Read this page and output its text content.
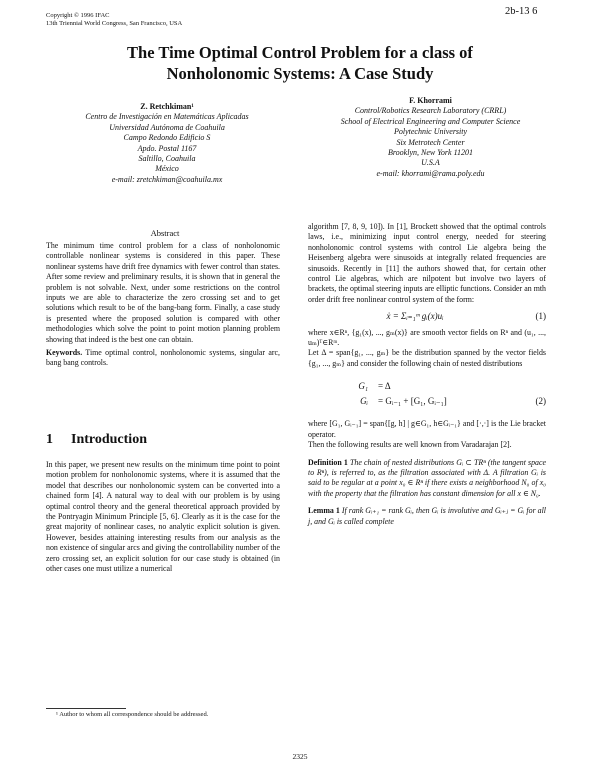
Copyright © 1996 IFAC
13th Triennial World Congress, San Francisco, USA
2b-13 6
The Time Optimal Control Problem for a class of
Nonholonomic Systems: A Case Study
Z. Retchkiman¹
Centro de Investigación en Matemáticas Aplicadas
Universidad Autónoma de Coahuila
Campo Redondo Edificio S
Apdo. Postal 1167
Saltillo, Coahuila
México
e-mail: zretchkiman@coahuila.mx
F. Khorrami
Control/Robotics Research Laboratory (CRRL)
School of Electrical Engineering and Computer Science
Polytechnic University
Six Metrotech Center
Brooklyn, New York 11201
U.S.A
e-mail: khorrami@rama.poly.edu
Abstract

The minimum time control problem for a class of nonholonomic controllable nonlinear systems is considered in this paper. These nonlinear systems have drift free dynamics with fewer control than states. After some review and preliminary results, it is shown that in general the problem is not solvable. Next, under some restrictions on the control inputs we are able to characterize the zero crossing set and to get solutions which result to be of the bang-bang form. Finally, a case study is presented where the proposed solution is compared with other methodologies which solve the point to point motion planning problem showing that indeed is the best one can obtain.

Keywords. Time optimal control, nonholonomic systems, singular arc, bang bang controls.

1 Introduction

In this paper, we present new results on the minimum time point to point motion problem for nonholonomic systems, where it is assumed that the model that describes our nonholonomic system can be converted into a chained form [4]. A natural way to deal with our problem is by using optimal control theory and the general theoretical approach provided by the Pontryagin Minimum Principle [5, 6]. Clearly as it is the case for the great majority of nonlinear cases, no analytic explicit solution is given. However, besides attaining interesting results from our analysis as the non existence of singular arcs and giving the controllability number of the zero crossing set, an explicit solution for our case study is obtained (in other cases one must utilize a numerical

¹ Author to whom all correspondence should be addressed.

algorithm [7, 8, 9, 10]). In [1], Brockett showed that the optimal controls laws, i.e., minimizing input control energy, needed for steering nonholonomic control systems with control Lie algebra being the Heisenberg algebra were sinusoids at integrally related frequencies are sinusoids. Recently in [11] the authors showed that, for certain other control Lie algebras, which are nilpotent but involve two layers of brackets, the optimal steering inputs are elliptic functions. Consider an mth order drift free nonlinear control system of the form:

ẋ = Σᵢ₌₁ᵐ gᵢ(x)uᵢ	(1)

where x∈Rⁿ, {g₁(x), ..., gₘ(x)} are smooth vector fields on Rⁿ and (u₁, ..., uₘ)ᵀ∈Rᵐ.

Let Δ = span{g₁, ..., gₘ} be the distribution spanned by the vector fields {g₁, ..., gₘ} and consider the following chain of nested distributions

G₁	= Δ
Gᵢ	= Gᵢ₋₁ + [G₁, Gᵢ₋₁]	(2)

where [G₁, Gᵢ₋₁] = span{[g, h] | g∈G₁, h∈Gᵢ₋₁} and [·,·] is the Lie bracket operator.

Then the following results are well known from Varadarajan [2].

Definition 1 The chain of nested distributions Gᵢ ⊂ TRⁿ (the tangent space to Rⁿ), is referred to, as the filtration associated with Δ. A filtration Gᵢ is said to be regular at a point x₀ ∈ Rⁿ if there exists a neighborhood N₀ of x₀ with the property that the filtration has constant dimension for all x ∈ N₀.

Lemma 1 If rank Gᵢ₊₁ = rank Gᵢ, then Gᵢ is involutive and Gᵢ₊ⱼ = Gᵢ for all j, and Gᵢ is called complete

2325
